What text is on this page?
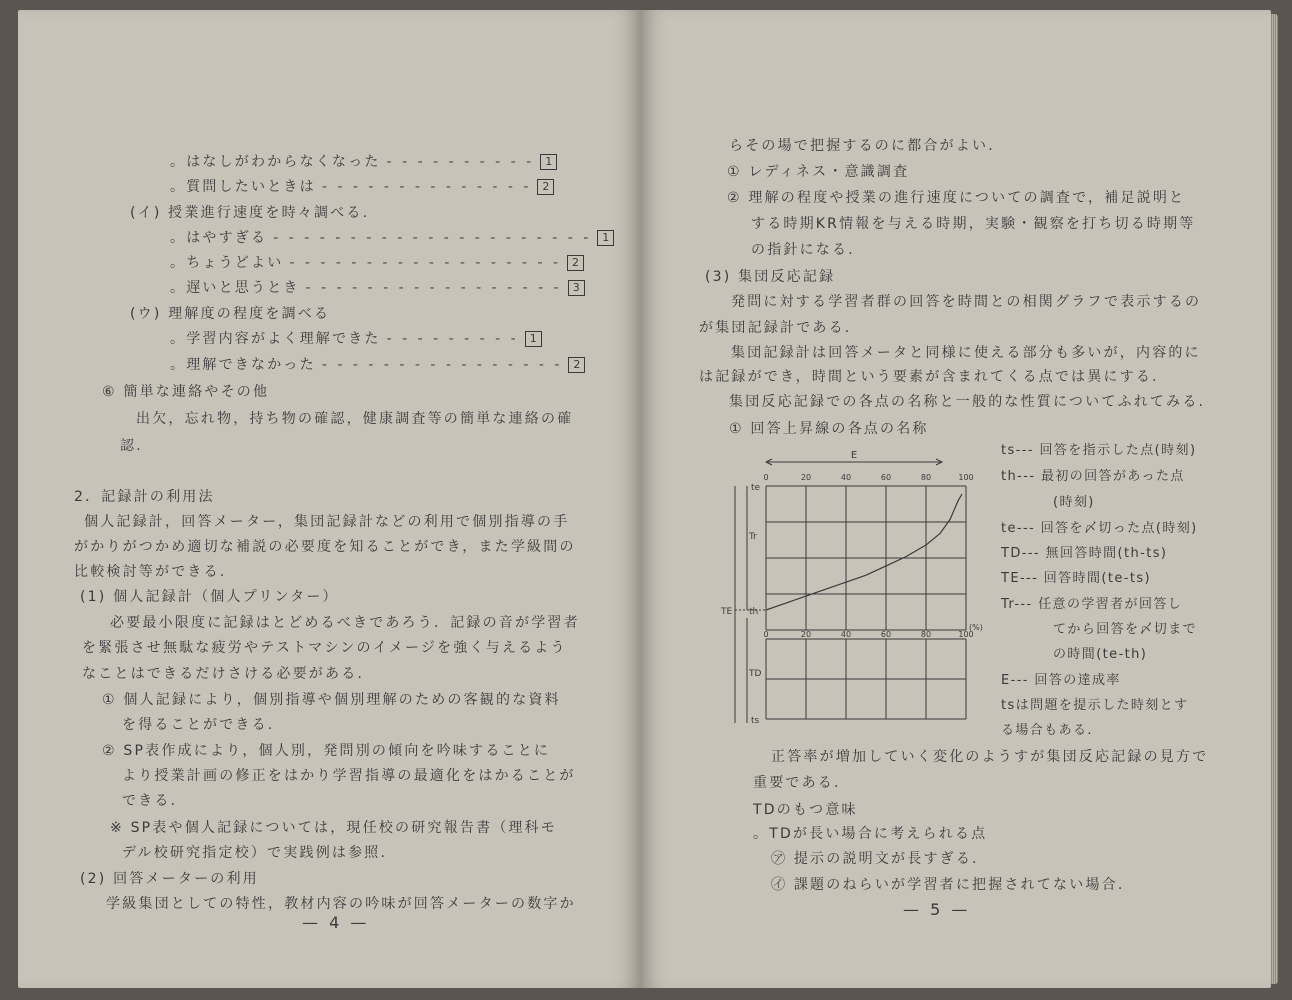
。はなしがわからなくなった - - - - - - - - - -	1
。質問したいときは - - - - - - - - - - - - - -	2
(イ) 授業進行速度を時々調べる.
。はやすぎる - - - - - - - - - - - - - - - - - - - - -	1
。ちょうどよい - - - - - - - - - - - - - - - - - -	2
。遅いと思うとき - - - - - - - - - - - - - - - - -	3
(ウ) 理解度の程度を調べる
。学習内容がよく理解できた - - - - - - - - -	1
。理解できなかった - - - - - - - - - - - - - - - -	2
⑥ 簡単な連絡やその他
出欠，忘れ物，持ち物の確認，健康調査等の簡単な連絡の確
認.
2．記録計の利用法
個人記録計，回答メーター，集団記録計などの利用で個別指導の手
がかりがつかめ適切な補説の必要度を知ることができ，また学級間の
比較検討等ができる.
(1) 個人記録計（個人プリンター）
必要最小限度に記録はとどめるべきであろう．記録の音が学習者
を緊張させ無駄な疲労やテストマシンのイメージを強く与えるよう
なことはできるだけさける必要がある.
① 個人記録により，個別指導や個別理解のための客観的な資料
を得ることができる.
② SP表作成により，個人別，発問別の傾向を吟味することに
より授業計画の修正をはかり学習指導の最適化をはかることが
できる.
※ SP表や個人記録については，現任校の研究報告書（理科モ
デル校研究指定校）で実践例は参照.
(2) 回答メーターの利用
学級集団としての特性，教材内容の吟味が回答メーターの数字か
— 4 —
らその場で把握するのに都合がよい.
① レディネス・意識調査
② 理解の程度や授業の進行速度についての調査で，補足説明と
する時期KR情報を与える時期，実験・観察を打ち切る時期等
の指針になる.
(3) 集団反応記録
発問に対する学習者群の回答を時間との相関グラフで表示するの
が集団記録計である.
集団記録計は回答メータと同様に使える部分も多いが，内容的に
は記録ができ，時間という要素が含まれてくる点では異にする.
集団反応記録での各点の名称と一般的な性質についてふれてみる.
① 回答上昇線の各点の名称
0	20	40	60	80	100
0	20	40	60	80	100
(%)
E
te
Tr
TE th
TD
ts
ts--- 回答を指示した点(時刻)
th--- 最初の回答があった点
(時刻)
te--- 回答を〆切った点(時刻)
TD--- 無回答時間(th-ts)
TE--- 回答時間(te-ts)
Tr--- 任意の学習者が回答し
てから回答を〆切まで
の時間(te-th)
E--- 回答の達成率
tsは問題を提示した時刻とす
る場合もある.
正答率が増加していく変化のようすが集団反応記録の見方で
重要である.
TDのもつ意味
。TDが長い場合に考えられる点
㋐ 提示の説明文が長すぎる.
㋑ 課題のねらいが学習者に把握されてない場合.
— 5 —
